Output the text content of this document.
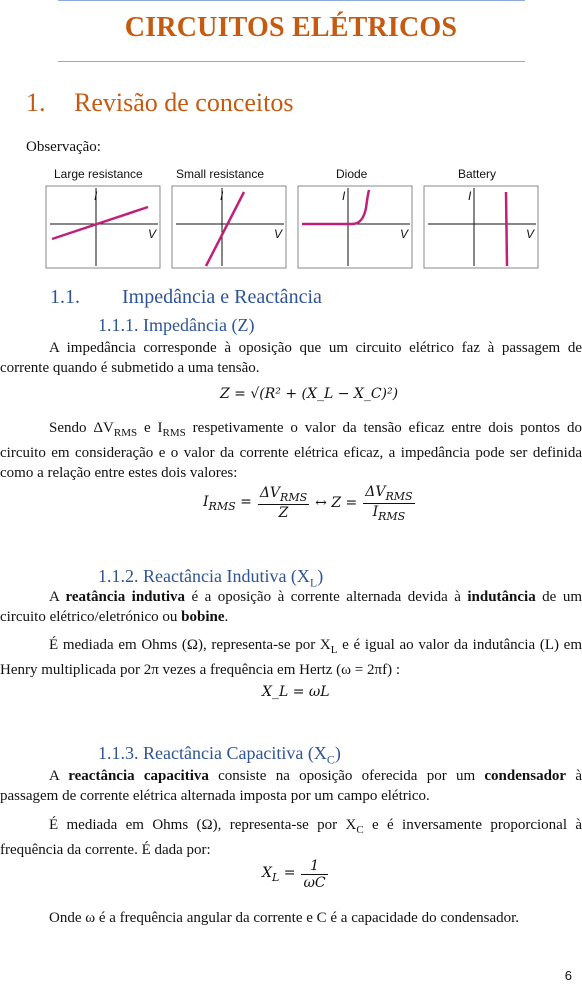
CIRCUITOS ELÉTRICOS
1. Revisão de conceitos
Observação:
Large resistance
I
V
Small resistance
I
V
Diode
I
V
Battery
I
V
1.1. Impedância e Reactância
1.1.1. Impedância (Z)
A impedância corresponde à oposição que um circuito elétrico faz à passagem de corrente quando é submetido a uma tensão.
Z = √(R² + (X_L − X_C)²)
Sendo $\Delta V_{RMS}$ e $I_{RMS}$ respetivamente o valor da tensão eficaz entre dois pontos do circuito em consideração e o valor da corrente elétrica eficaz, a impedância pode ser definida como a relação entre estes dois valores:
$I_{RMS} = \frac{\Delta V_{RMS}}{Z}$ ↔ $Z = \frac{\Delta V_{RMS}}{I_{RMS}}$
1.1.2. Reactância Indutiva $(X_L)$
A reatância indutiva é a oposição à corrente alternada devida à indutância de um circuito elétrico/eletrónico ou bobine.
É mediada em Ohms (Ω), representa-se por $X_L$ e é igual ao valor da indutância (L) em Henry multiplicada por 2π vezes a frequência em Hertz (ω = 2πf) :
X_L = ωL
1.1.3. Reactância Capacitiva $(X_C)$
A reactância capacitiva consiste na oposição oferecida por um condensador à passagem de corrente elétrica alternada imposta por um campo elétrico.
É mediada em Ohms (Ω), representa-se por $X_C$ e é inversamente proporcional à frequência da corrente. É dada por:
$X_L = \frac{1}{\omega C}$
Onde ω é a frequência angular da corrente e C é a capacidade do condensador.
6
